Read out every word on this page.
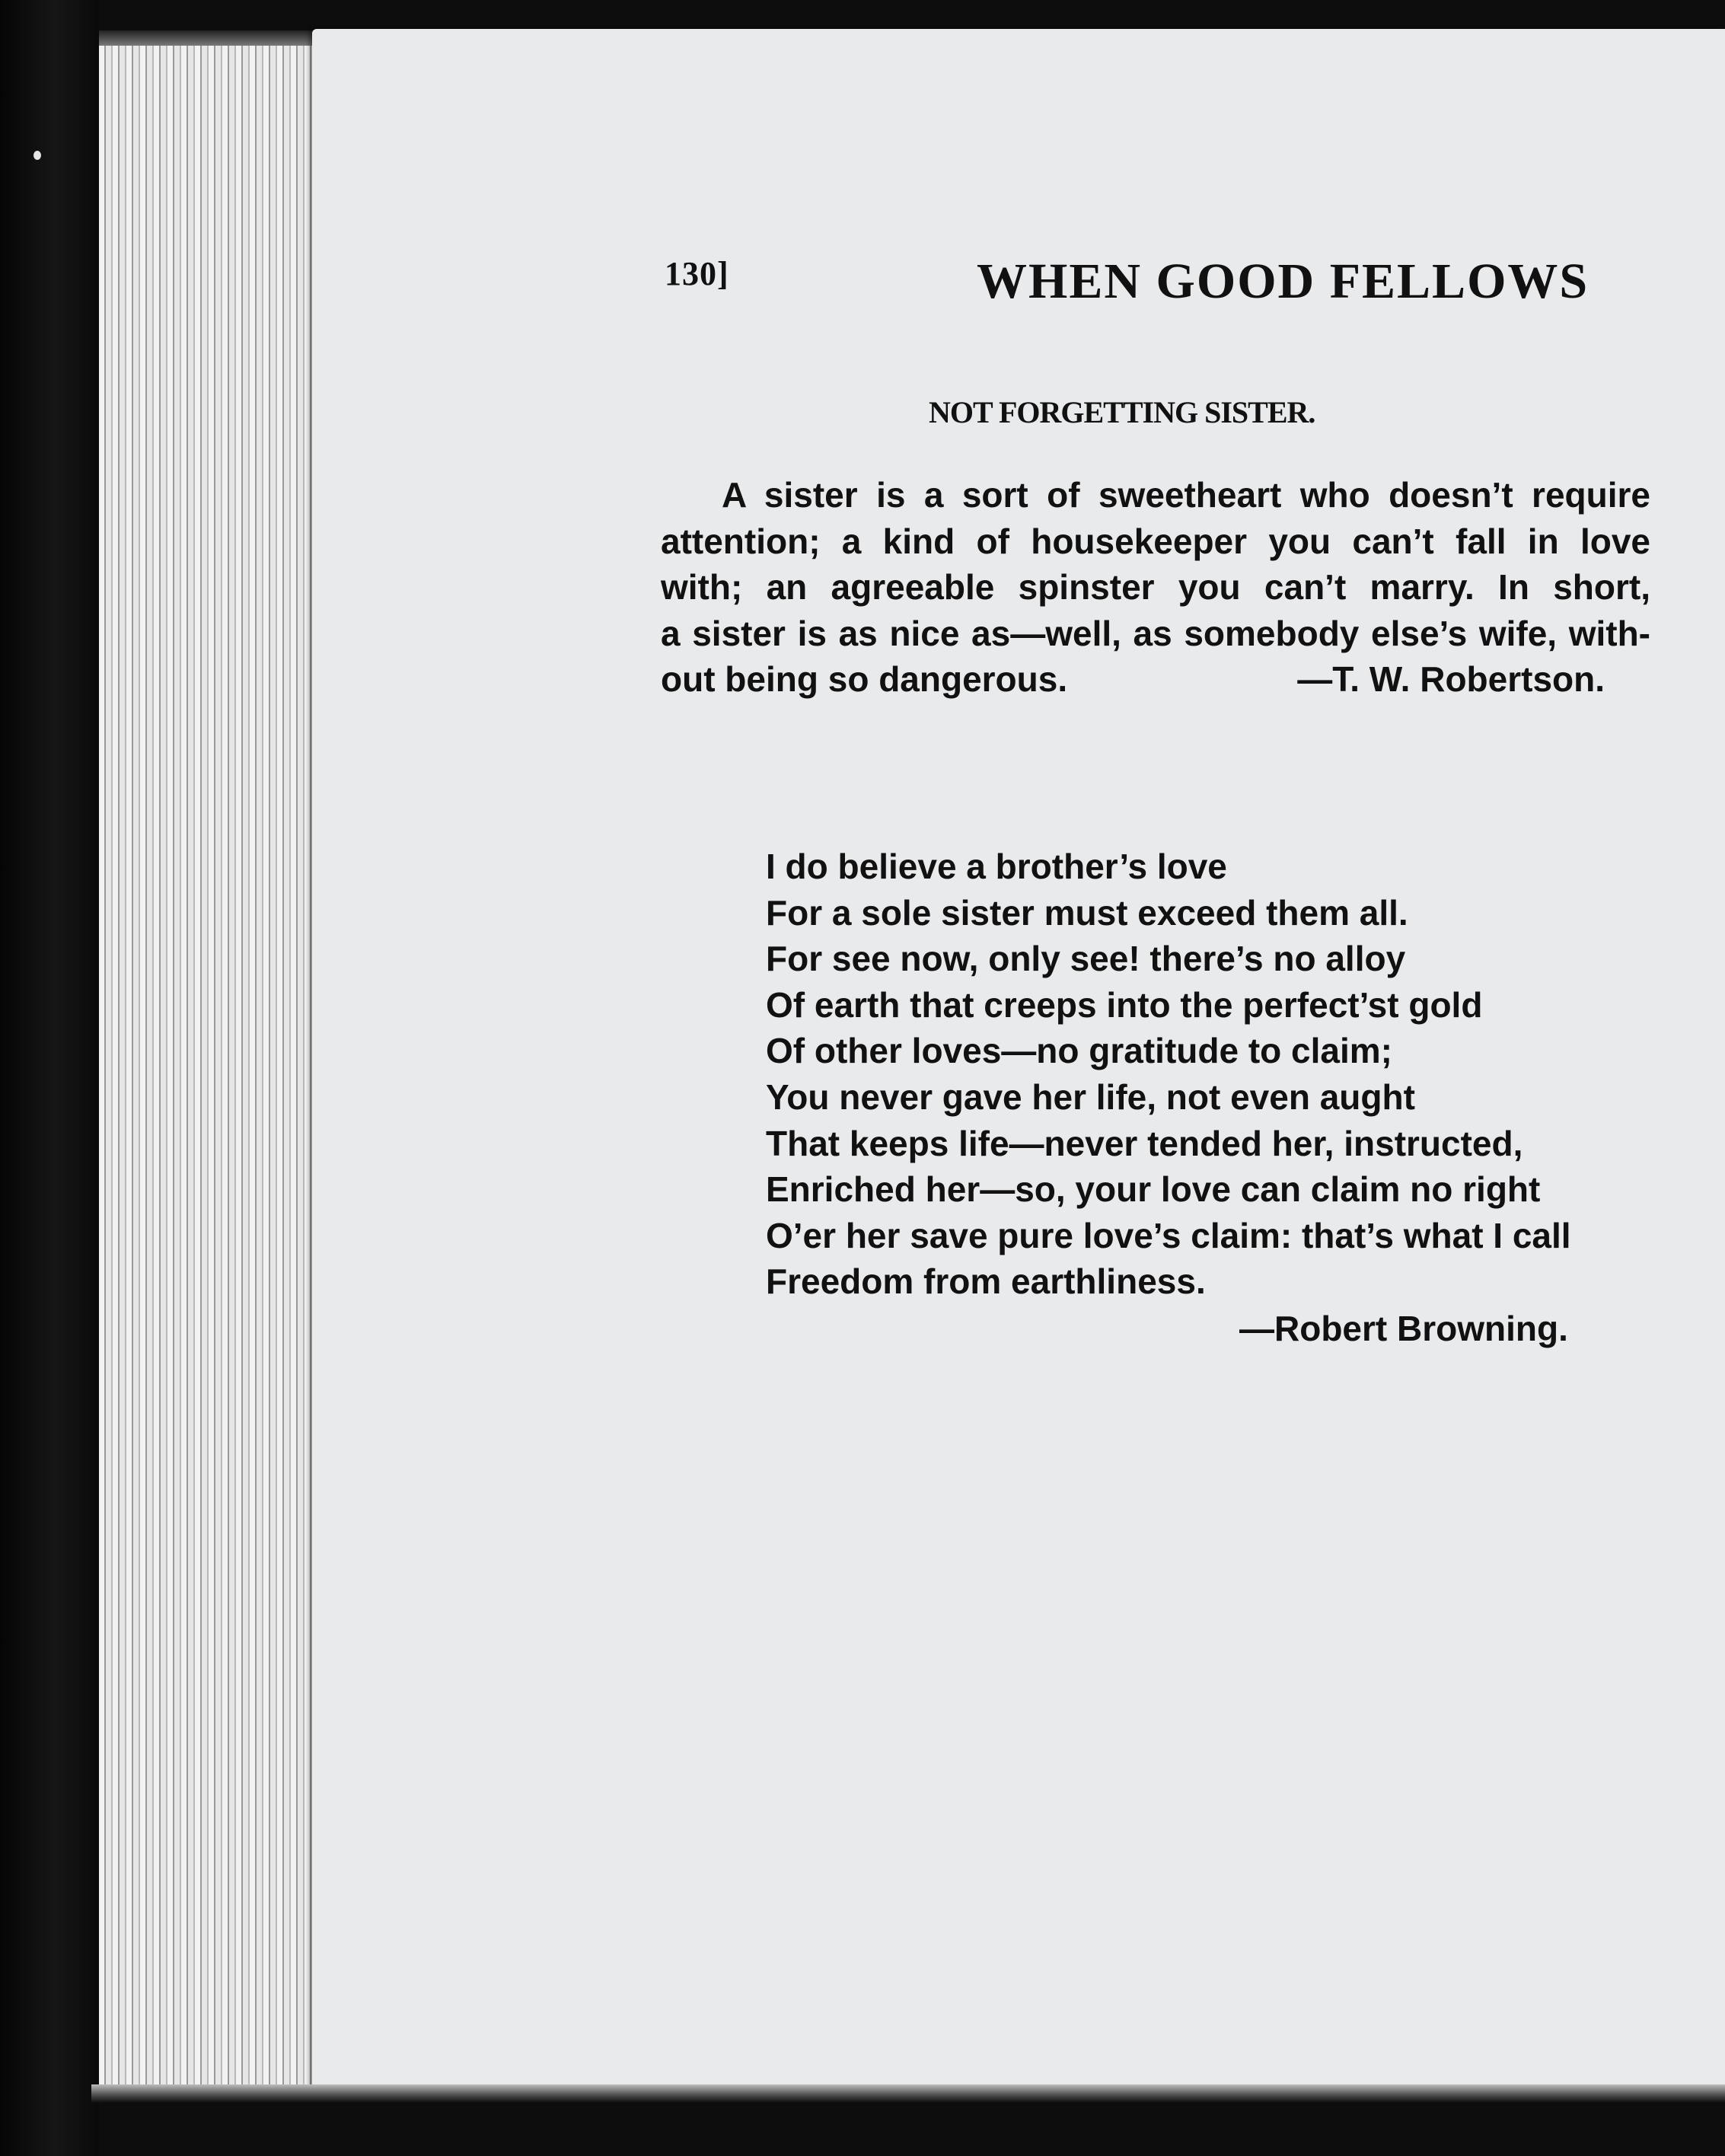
130]	WHEN GOOD FELLOWS
NOT FORGETTING SISTER.
A sister is a sort of sweetheart who doesn’t require
attention; a kind of housekeeper you can’t fall in love
with; an agreeable spinster you can’t marry. In short,
a sister is as nice as—well, as somebody else’s wife, with-
out being so dangerous.	—T. W. Robertson.
I do believe a brother’s love
For a sole sister must exceed them all.
For see now, only see! there’s no alloy
Of earth that creeps into the perfect’st gold
Of other loves—no gratitude to claim;
You never gave her life, not even aught
That keeps life—never tended her, instructed,
Enriched her—so, your love can claim no right
O’er her save pure love’s claim: that’s what I call
Freedom from earthliness.
—Robert Browning.
